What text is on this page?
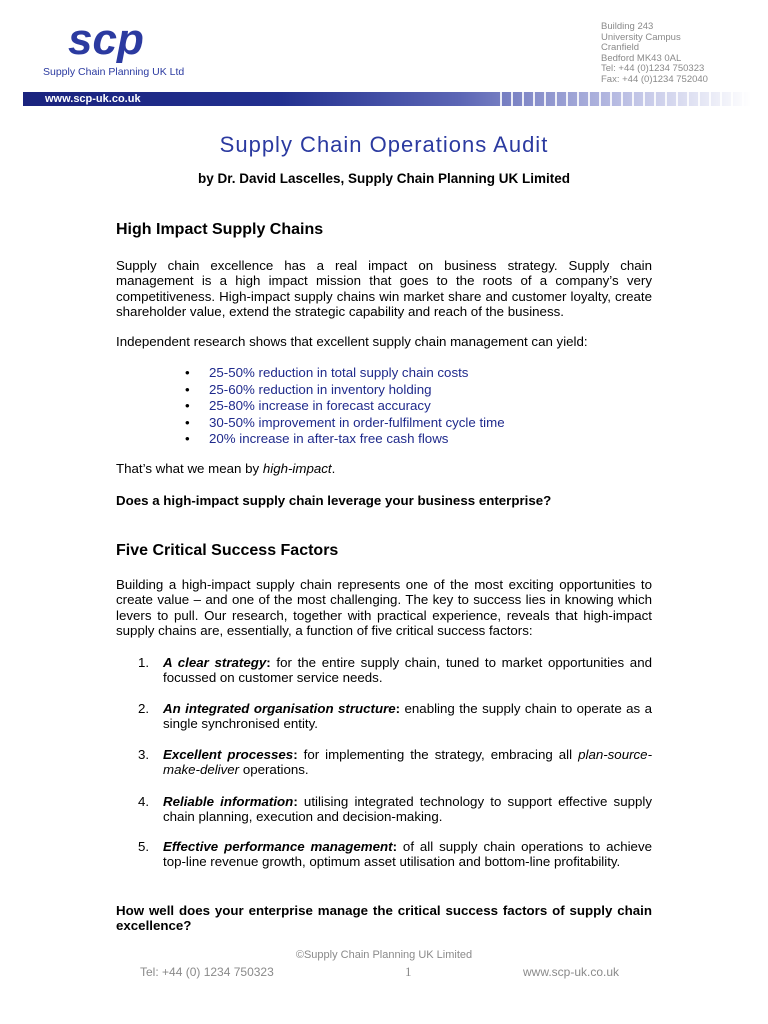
scp
Supply Chain Planning UK Ltd
Building 243
University Campus
Cranfield
Bedford MK43 0AL
Tel: +44 (0)1234 750323
Fax: +44 (0)1234 752040
www.scp-uk.co.uk
Supply Chain Operations Audit
by Dr. David Lascelles, Supply Chain Planning UK Limited
High Impact Supply Chains

Supply chain excellence has a real impact on business strategy. Supply chain management is a high impact mission that goes to the roots of a company’s very competitiveness. High-impact supply chains win market share and customer loyalty, create shareholder value, extend the strategic capability and reach of the business.

Independent research shows that excellent supply chain management can yield:

• 25-50% reduction in total supply chain costs
• 25-60% reduction in inventory holding
• 25-80% increase in forecast accuracy
• 30-50% improvement in order-fulfilment cycle time
• 20% increase in after-tax free cash flows

That’s what we mean by high-impact.

Does a high-impact supply chain leverage your business enterprise?

Five Critical Success Factors

Building a high-impact supply chain represents one of the most exciting opportunities to create value – and one of the most challenging. The key to success lies in knowing which levers to pull. Our research, together with practical experience, reveals that high-impact supply chains are, essentially, a function of five critical success factors:

1. A clear strategy: for the entire supply chain, tuned to market opportunities and focussed on customer service needs.
2. An integrated organisation structure: enabling the supply chain to operate as a single synchronised entity.
3. Excellent processes: for implementing the strategy, embracing all plan-source-make-deliver operations.
4. Reliable information: utilising integrated technology to support effective supply chain planning, execution and decision-making.
5. Effective performance management: of all supply chain operations to achieve top-line revenue growth, optimum asset utilisation and bottom-line profitability.

How well does your enterprise manage the critical success factors of supply chain excellence?

©Supply Chain Planning UK Limited
Tel: +44 (0) 1234 750323	1	www.scp-uk.co.uk
